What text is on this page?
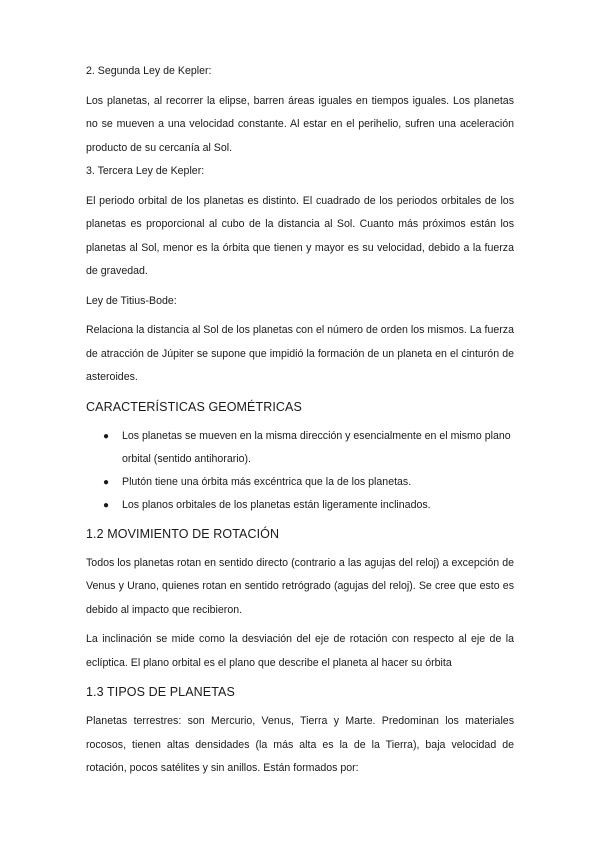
2. Segunda Ley de Kepler:

Los planetas, al recorrer la elipse, barren áreas iguales en tiempos iguales. Los planetas no se mueven a una velocidad constante. Al estar en el perihelio, sufren una aceleración producto de su cercanía al Sol.

3. Tercera Ley de Kepler:

El periodo orbital de los planetas es distinto. El cuadrado de los periodos orbitales de los planetas es proporcional al cubo de la distancia al Sol. Cuanto más próximos están los planetas al Sol, menor es la órbita que tienen y mayor es su velocidad, debido a la fuerza de gravedad.

Ley de Titius-Bode:

Relaciona la distancia al Sol de los planetas con el número de orden los mismos. La fuerza de atracción de Júpiter se supone que impidió la formación de un planeta en el cinturón de asteroides.

CARACTERÍSTICAS GEOMÉTRICAS
● Los planetas se mueven en la misma dirección y esencialmente en el mismo plano orbital (sentido antihorario).
● Plutón tiene una órbita más excéntrica que la de los planetas.
● Los planos orbitales de los planetas están ligeramente inclinados.
1.2 MOVIMIENTO DE ROTACIÓN

Todos los planetas rotan en sentido directo (contrario a las agujas del reloj) a excepción de Venus y Urano, quienes rotan en sentido retrógrado (agujas del reloj). Se cree que esto es debido al impacto que recibieron.

La inclinación se mide como la desviación del eje de rotación con respecto al eje de la eclíptica. El plano orbital es el plano que describe el planeta al hacer su órbita

1.3 TIPOS DE PLANETAS

Planetas terrestres: son Mercurio, Venus, Tierra y Marte. Predominan los materiales rocosos, tienen altas densidades (la más alta es la de la Tierra), baja velocidad de rotación, pocos satélites y sin anillos. Están formados por:
